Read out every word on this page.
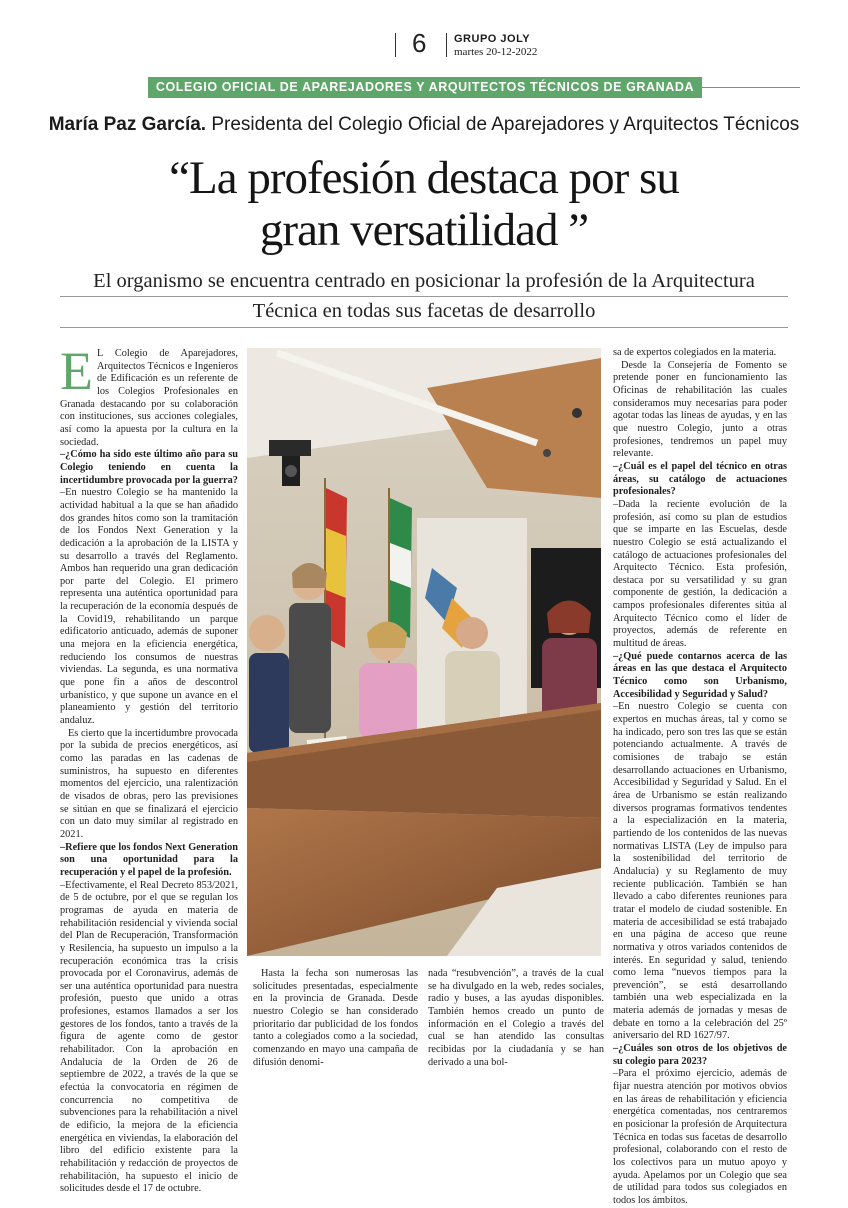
6	GRUPO JOLY
martes 20-12-2022
COLEGIO OFICIAL DE APAREJADORES Y ARQUITECTOS TÉCNICOS DE GRANADA
María Paz García. Presidenta del Colegio Oficial de Aparejadores y Arquitectos Técnicos
“La profesión destaca por su
gran versatilidad ”
El organismo se encuentra centrado en posicionar la profesión de la Arquitectura
Técnica en todas sus facetas de desarrollo

E L Colegio de Aparejadores, Arquitectos Técnicos e Ingenieros de Edificación es un referente de los Colegios Profesionales en Granada destacando por su colaboración con instituciones, sus acciones colegiales, así como la apuesta por la cultura en la sociedad.

–¿Cómo ha sido este último año para su Colegio teniendo en cuenta la incertidumbre provocada por la guerra?

–En nuestro Colegio se ha mantenido la actividad habitual a la que se han añadido dos grandes hitos como son la tramitación de los Fondos Next Generation y la dedicación a la aprobación de la LISTA y su desarrollo a través del Reglamento. Ambos han requerido una gran dedicación por parte del Colegio. El primero representa una auténtica oportunidad para la recuperación de la economía después de la Covid19, rehabilitando un parque edificatorio anticuado, además de suponer una mejora en la eficiencia energética, reduciendo los consumos de nuestras viviendas. La segunda, es una normativa que pone fin a años de descontrol urbanístico, y que supone un avance en el planeamiento y gestión del territorio andaluz.

Es cierto que la incertidumbre provocada por la subida de precios energéticos, así como las paradas en las cadenas de suministros, ha supuesto en diferentes momentos del ejercicio, una ralentización de visados de obras, pero las previsiones se sitúan en que se finalizará el ejercicio con un dato muy similar al registrado en 2021.

–Refiere que los fondos Next Generation son una oportunidad para la recuperación y el papel de la profesión.

–Efectivamente, el Real Decreto 853/2021, de 5 de octubre, por el que se regulan los programas de ayuda en materia de rehabilitación residencial y vivienda social del Plan de Recuperación, Transformación y Resilencia, ha supuesto un impulso a la recuperación económica tras la crisis provocada por el Coronavirus, además de ser una auténtica oportunidad para nuestra profesión, puesto que unido a otras profesiones, estamos llamados a ser los gestores de los fondos, tanto a través de la figura de agente como de gestor rehabilitador. Con la aprobación en Andalucía de la Orden de 26 de septiembre de 2022, a través de la que se efectúa la convocatoria en régimen de concurrencia no competitiva de subvenciones para la rehabilitación a nivel de edificio, la mejora de la eficiencia energética en viviendas, la elaboración del libro del edificio existente para la rehabilitación y redacción de proyectos de rehabilitación, ha supuesto el inicio de solicitudes desde el 17 de octubre.

Hasta la fecha son numerosas las solicitudes presentadas, especialmente en la provincia de Granada. Desde nuestro Colegio se han considerado prioritario dar publicidad de los fondos tanto a colegiados como a la sociedad, comenzando en mayo una campaña de difusión denomi-

nada “resubvención”, a través de la cual se ha divulgado en la web, redes sociales, radio y buses, a las ayudas disponibles. También hemos creado un punto de información en el Colegio a través del cual se han atendido las consultas recibidas por la ciudadanía y se han derivado a una bol-

sa de expertos colegiados en la materia.

Desde la Consejería de Fomento se pretende poner en funcionamiento las Oficinas de rehabilitación las cuales consideramos muy necesarias para poder agotar todas las líneas de ayudas, y en las que nuestro Colegio, junto a otras profesiones, tendremos un papel muy relevante.

–¿Cuál es el papel del técnico en otras áreas, su catálogo de actuaciones profesionales?

–Dada la reciente evolución de la profesión, así como su plan de estudios que se imparte en las Escuelas, desde nuestro Colegio se está actualizando el catálogo de actuaciones profesionales del Arquitecto Técnico. Esta profesión, destaca por su versatilidad y su gran componente de gestión, la dedicación a campos profesionales diferentes sitúa al Arquitecto Técnico como el líder de proyectos, además de referente en multitud de áreas.

–¿Qué puede contarnos acerca de las áreas en las que destaca el Arquitecto Técnico como son Urbanismo, Accesibilidad y Seguridad y Salud?

–En nuestro Colegio se cuenta con expertos en muchas áreas, tal y como se ha indicado, pero son tres las que se están potenciando actualmente. A través de comisiones de trabajo se están desarrollando actuaciones en Urbanismo, Accesibilidad y Seguridad y Salud. En el área de Urbanismo se están realizando diversos programas formativos tendentes a la especialización en la materia, partiendo de los contenidos de las nuevas normativas LISTA (Ley de impulso para la sostenibilidad del territorio de Andalucía) y su Reglamento de muy reciente publicación. También se han llevado a cabo diferentes reuniones para tratar el modelo de ciudad sostenible. En materia de accesibilidad se está trabajado en una página de acceso que reune normativa y otros variados contenidos de interés. En seguridad y salud, teniendo como lema “nuevos tiempos para la prevención”, se está desarrollando también una web especializada en la materia además de jornadas y mesas de debate en torno a la celebración del 25º aniversario del RD 1627/97.

–¿Cuáles son otros de los objetivos de su colegio para 2023?

–Para el próximo ejercicio, además de fijar nuestra atención por motivos obvios en las áreas de rehabilitación y eficiencia energética comentadas, nos centraremos en posicionar la profesión de Arquitectura Técnica en todas sus facetas de desarrollo profesional, colaborando con el resto de los colectivos para un mutuo apoyo y ayuda. Apelamos por un Colegio que sea de utilidad para todos sus colegiados en todos los ámbitos.
